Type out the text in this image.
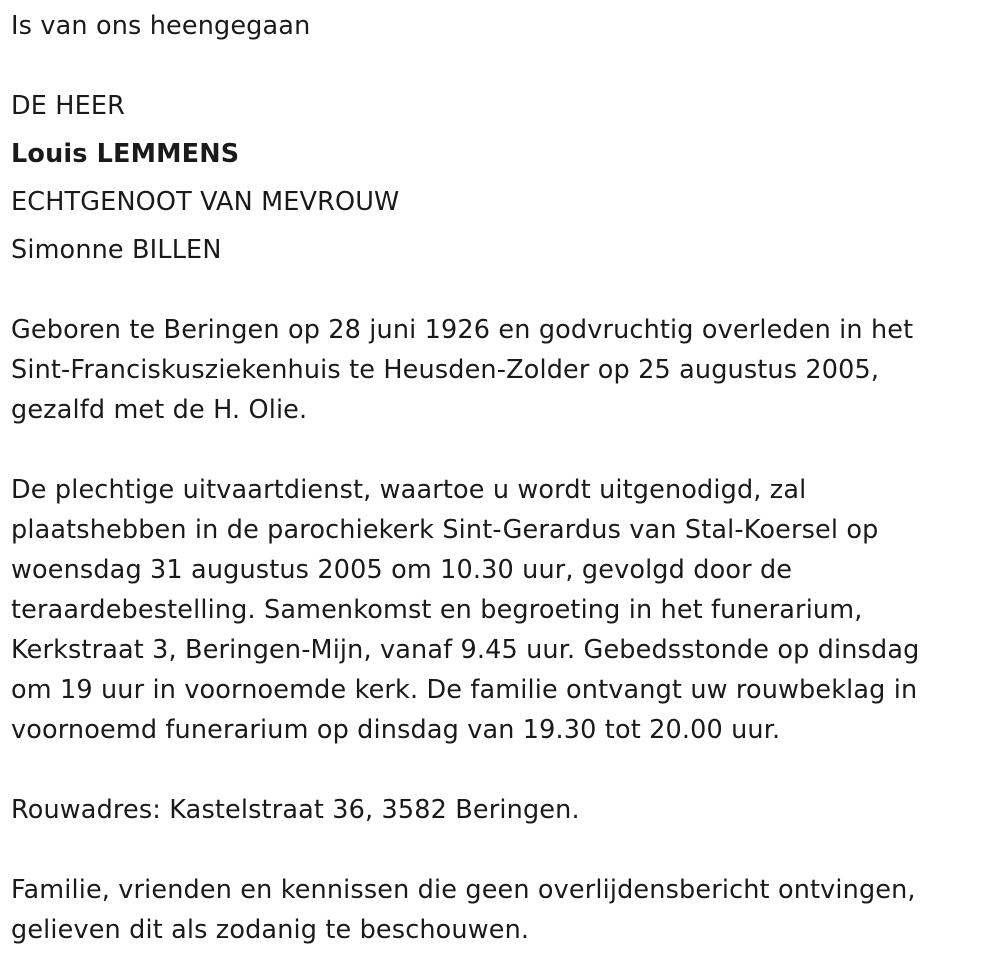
Is van ons heengegaan
DE HEER
Louis LEMMENS
ECHTGENOOT VAN MEVROUW
Simonne BILLEN
Geboren te Beringen op 28 juni 1926 en godvruchtig overleden in het
Sint-Franciskusziekenhuis te Heusden-Zolder op 25 augustus 2005,
gezalfd met de H. Olie.
De plechtige uitvaartdienst, waartoe u wordt uitgenodigd, zal
plaatshebben in de parochiekerk Sint-Gerardus van Stal-Koersel op
woensdag 31 augustus 2005 om 10.30 uur, gevolgd door de
teraardebestelling. Samenkomst en begroeting in het funerarium,
Kerkstraat 3, Beringen-Mijn, vanaf 9.45 uur. Gebedsstonde op dinsdag
om 19 uur in voornoemde kerk. De familie ontvangt uw rouwbeklag in
voornoemd funerarium op dinsdag van 19.30 tot 20.00 uur.
Rouwadres: Kastelstraat 36, 3582 Beringen.
Familie, vrienden en kennissen die geen overlijdensbericht ontvingen,
gelieven dit als zodanig te beschouwen.
